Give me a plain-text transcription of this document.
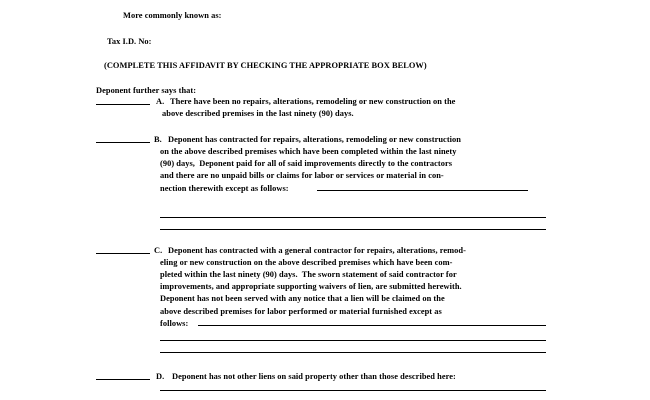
More commonly known as:
Tax I.D. No:
(COMPLETE THIS AFFIDAVIT BY CHECKING THE APPROPRIATE BOX BELOW)
Deponent further says that:
A. There have been no repairs, alterations, remodeling or new construction on the
above described premises in the last ninety (90) days.
B. Deponent has contracted for repairs, alterations, remodeling or new construction
on the above described premises which have been completed within the last ninety
(90) days,  Deponent paid for all of said improvements directly to the contractors
and there are no unpaid bills or claims for labor or services or material in con-
nection therewith except as follows:
C. Deponent has contracted with a general contractor for repairs, alterations, remod-
eling or new construction on the above described premises which have been com-
pleted within the last ninety (90) days.  The sworn statement of said contractor for
improvements, and appropriate supporting waivers of lien, are submitted herewith.
Deponent has not been served with any notice that a lien will be claimed on the
above described premises for labor performed or material furnished except as
follows:
D. Deponent has not other liens on said property other than those described here:
